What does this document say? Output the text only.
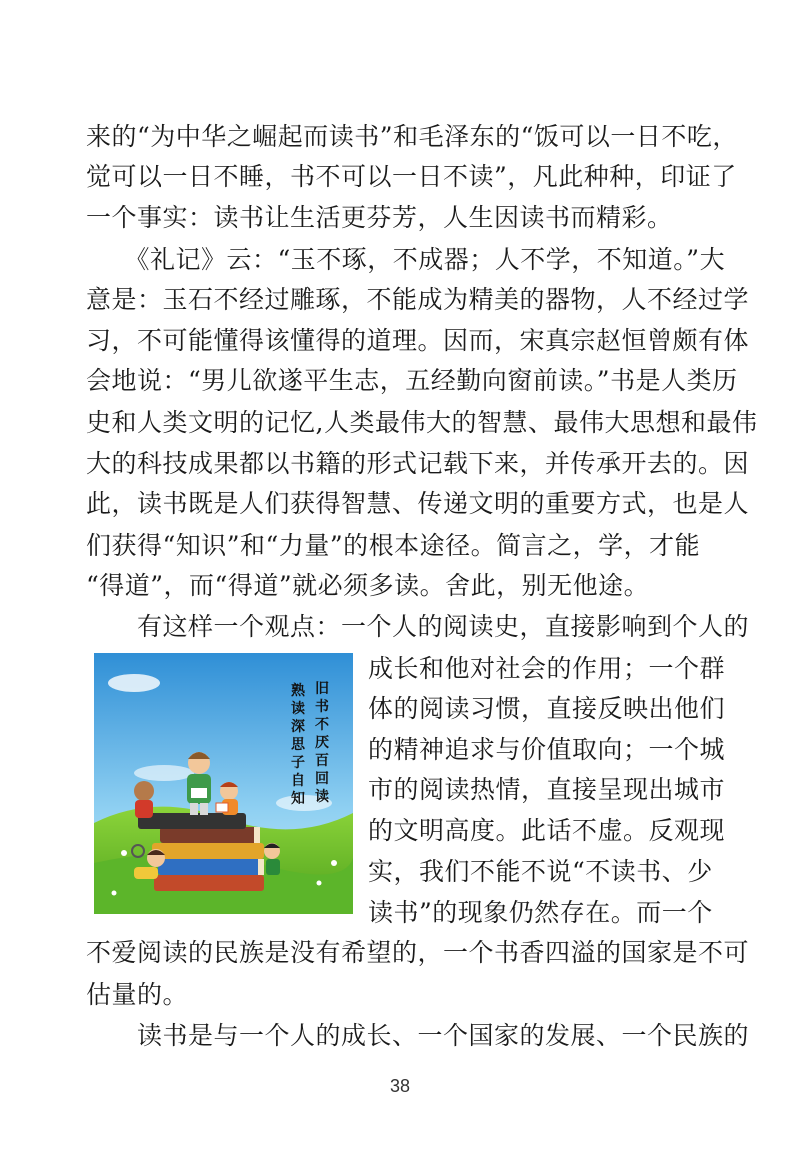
来的“为中华之崛起而读书”和毛泽东的“饭可以一日不吃，
觉可以一日不睡，书不可以一日不读”，凡此种种，印证了
一个事实：读书让生活更芬芳，人生因读书而精彩。
　　《礼记》云：“玉不琢，不成器；人不学，不知道。”大
意是：玉石不经过雕琢，不能成为精美的器物，人不经过学
习，不可能懂得该懂得的道理。因而，宋真宗赵恒曾颇有体
会地说：“男儿欲遂平生志，五经勤向窗前读。”书是人类历
史和人类文明的记忆,人类最伟大的智慧、最伟大思想和最伟
大的科技成果都以书籍的形式记载下来，并传承开去的。因
此，读书既是人们获得智慧、传递文明的重要方式，也是人
们获得“知识”和“力量”的根本途径。简言之，学，才能
“得道”，而“得道”就必须多读。舍此，别无他途。
　　有这样一个观点：一个人的阅读史，直接影响到个人的
成长和他对社会的作用；一个群
体的阅读习惯，直接反映出他们
的精神追求与价值取向；一个城
市的阅读热情，直接呈现出城市
的文明高度。此话不虚。反观现
实，我们不能不说“不读书、少
读书”的现象仍然存在。而一个
不爱阅读的民族是没有希望的，一个书香四溢的国家是不可
估量的。
　　读书是与一个人的成长、一个国家的发展、一个民族的
旧
书
不
厌
百
回
读
熟
读
深
思
子
自
知
38
